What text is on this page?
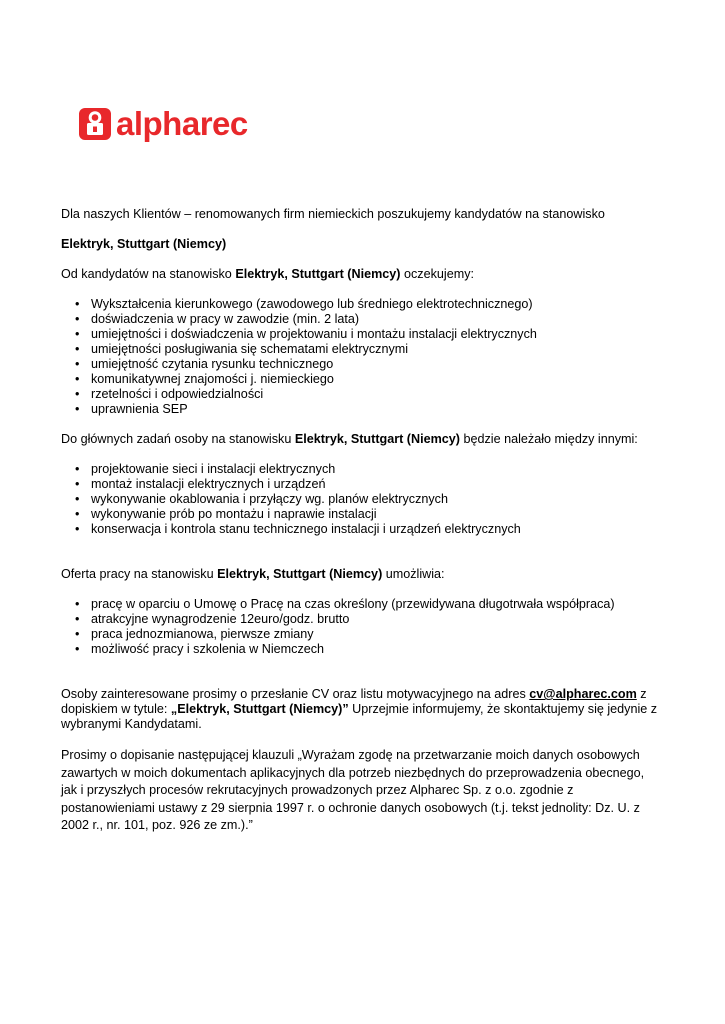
alpharec

Dla naszych Klientów – renomowanych firm niemieckich poszukujemy kandydatów na stanowisko

Elektryk, Stuttgart (Niemcy)

Od kandydatów na stanowisko Elektryk, Stuttgart (Niemcy) oczekujemy:

• Wykształcenia kierunkowego (zawodowego lub średniego elektrotechnicznego)
• doświadczenia w pracy w zawodzie (min. 2 lata)
• umiejętności i doświadczenia w projektowaniu i montażu instalacji elektrycznych
• umiejętności posługiwania się schematami elektrycznymi
• umiejętność czytania rysunku technicznego
• komunikatywnej znajomości j. niemieckiego
• rzetelności i odpowiedzialności
• uprawnienia SEP

Do głównych zadań osoby na stanowisku Elektryk, Stuttgart (Niemcy) będzie należało między innymi:

• projektowanie sieci i instalacji elektrycznych
• montaż instalacji elektrycznych i urządzeń
• wykonywanie okablowania i przyłączy wg. planów elektrycznych
• wykonywanie prób po montażu i naprawie instalacji
• konserwacja i kontrola stanu technicznego instalacji i urządzeń elektrycznych

Oferta pracy na stanowisku Elektryk, Stuttgart (Niemcy) umożliwia:

• pracę w oparciu o Umowę o Pracę na czas określony (przewidywana długotrwała współpraca)
• atrakcyjne wynagrodzenie 12euro/godz. brutto
• praca jednozmianowa, pierwsze zmiany
• możliwość pracy i szkolenia w Niemczech

Osoby zainteresowane prosimy o przesłanie CV oraz listu motywacyjnego na adres cv@alpharec.com z dopiskiem w tytule: „Elektryk, Stuttgart (Niemcy)” Uprzejmie informujemy, że skontaktujemy się jedynie z wybranymi Kandydatami.

Prosimy o dopisanie następującej klauzuli „Wyrażam zgodę na przetwarzanie moich danych osobowych zawartych w moich dokumentach aplikacyjnych dla potrzeb niezbędnych do przeprowadzenia obecnego, jak i przyszłych procesów rekrutacyjnych prowadzonych przez Alpharec Sp. z o.o. zgodnie z postanowieniami ustawy z 29 sierpnia 1997 r. o ochronie danych osobowych (t.j. tekst jednolity: Dz. U. z 2002 r., nr. 101, poz. 926 ze zm.).”
